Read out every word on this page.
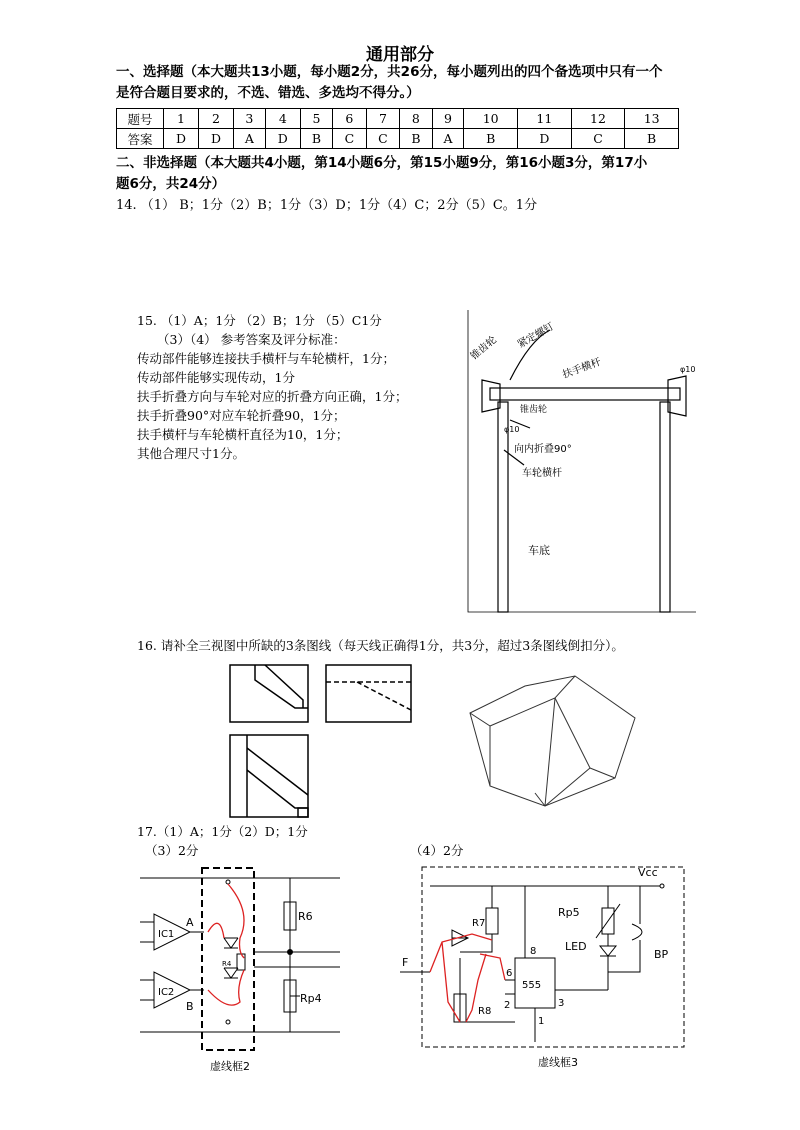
通用部分
一、选择题（本大题共13小题，每小题2分，共26分，每小题列出的四个备选项中只有一个
是符合题目要求的，不选、错选、多选均不得分。）
题号	1	2	3	4	5	6	7	8	9	10	11	12	13
答案	D	D	A	D	B	C	C	B	A	B	D	C	B
二、非选择题（本大题共4小题，第14小题6分，第15小题9分，第16小题3分，第17小
题6分，共24分）
14. （1） B；1分（2）B；1分（3）D；1分（4）C；2分（5）C。1分
15. （1）A；1分 （2）B；1分 （5）C1分
（3）（4） 参考答案及评分标准：
传动部件能够连接扶手横杆与车轮横杆，1分；
传动部件能够实现传动，1分
扶手折叠方向与车轮对应的折叠方向正确，1分；
扶手折叠90°对应车轮折叠90，1分；
扶手横杆与车轮横杆直径为10，1分；
其他合理尺寸1分。
锥齿轮 紧定螺钉
扶手横杆	φ10
锥齿轮
φ10
向内折叠90°
车轮横杆
车底
16. 请补全三视图中所缺的3条图线（每天线正确得1分，共3分，超过3条图线倒扣分）。
17.（1）A；1分（2）D；1分
（3）2分	（4）2分
IC1
IC2
A
B
R6
Rp4
R4
虚线框2
Vcc
Rp5
LED
BP
R7
R8
F
555
8
6
2	3
1
虚线框3
